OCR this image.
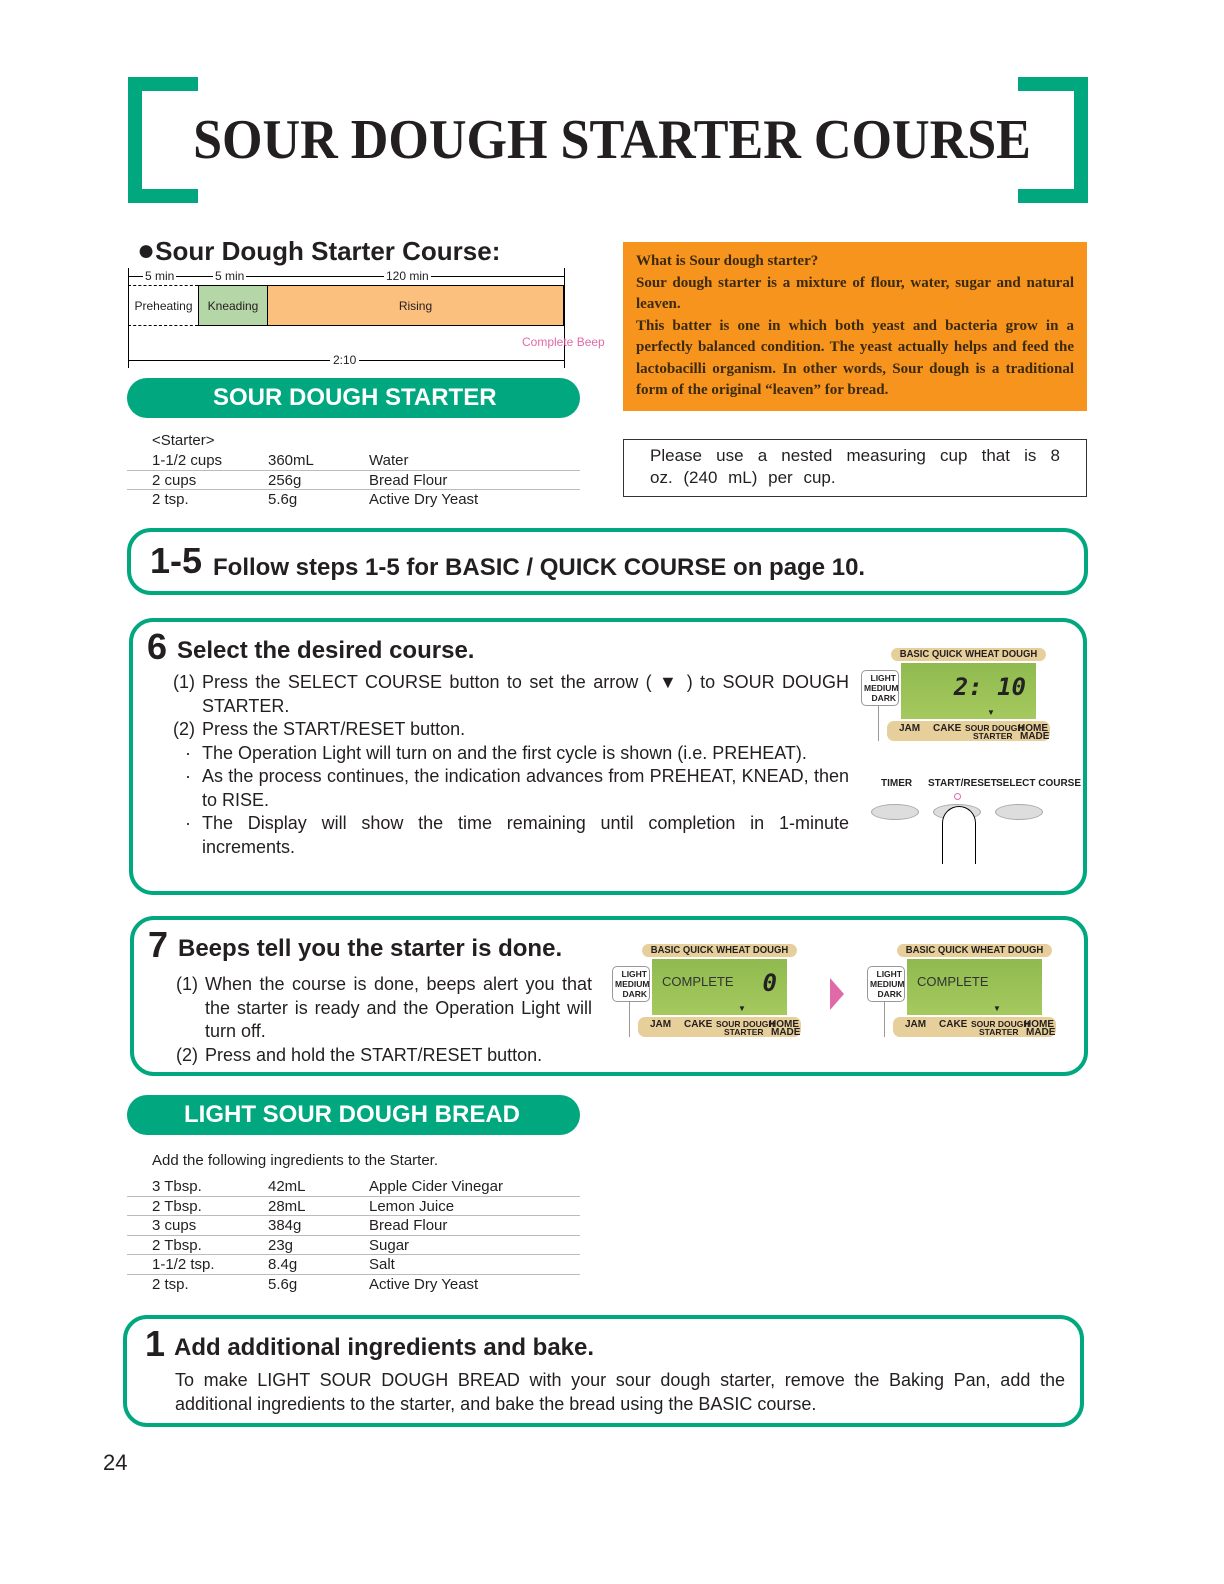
SOUR DOUGH STARTER COURSE
●Sour Dough Starter Course:
5 min	5 min	120 min
Preheating	Kneading	Rising
Complete Beep
2:10
SOUR DOUGH STARTER
What is Sour dough starter?
Sour dough starter is a mixture of flour, water, sugar and natural leaven.
This batter is one in which both yeast and bacteria grow in a perfectly balanced condition. The yeast actually helps and feed the lactobacilli organism. In other words, Sour dough is a traditional form of the original “leaven” for bread.
<Starter>
1-1/2 cups	360mL	Water
2 cups	256g	Bread Flour
2 tsp.	5.6g	Active Dry Yeast
Please use a nested measuring cup that is 8 oz. (240 mL) per cup.
1-5 Follow steps 1-5 for BASIC / QUICK COURSE on page 10.
6 Select the desired course.
(1) Press the SELECT COURSE button to set the arrow ( ▼ ) to SOUR DOUGH STARTER.
(2) Press the START/RESET button.
· The Operation Light will turn on and the first cycle is shown (i.e. PREHEAT).
· As the process continues, the indication advances from PREHEAT, KNEAD, then to RISE.
· The Display will show the time remaining until completion in 1-minute increments.
BASIC QUICK WHEAT DOUGH
LIGHT
MEDIUM
DARK 2: 10
▼
JAM CAKE SOUR DOUGH
STARTER
HOME
MADE
TIMER START/RESET SELECT COURSE
7 Beeps tell you the starter is done.
(1) When the course is done, beeps alert you that the starter is ready and the Operation Light will turn off.
(2) Press and hold the START/RESET button.
BASIC QUICK WHEAT DOUGH
LIGHT
MEDIUM
DARK
COMPLETE 0
▼
JAM CAKE SOUR DOUGH
STARTER
HOME
MADE
BASIC QUICK WHEAT DOUGH
LIGHT
MEDIUM
DARK
COMPLETE
▼
JAM CAKE SOUR DOUGH
STARTER
HOME
MADE
LIGHT SOUR DOUGH BREAD
Add the following ingredients to the Starter.
3 Tbsp.	42mL	Apple Cider Vinegar
2 Tbsp.	28mL	Lemon Juice
3 cups	384g	Bread Flour
2 Tbsp.	23g	Sugar
1-1/2 tsp.	8.4g	Salt
2 tsp.	5.6g	Active Dry Yeast
1 Add additional ingredients and bake.
To make LIGHT SOUR DOUGH BREAD with your sour dough starter, remove the Baking Pan, add the additional ingredients to the starter, and bake the bread using the BASIC course.
24
